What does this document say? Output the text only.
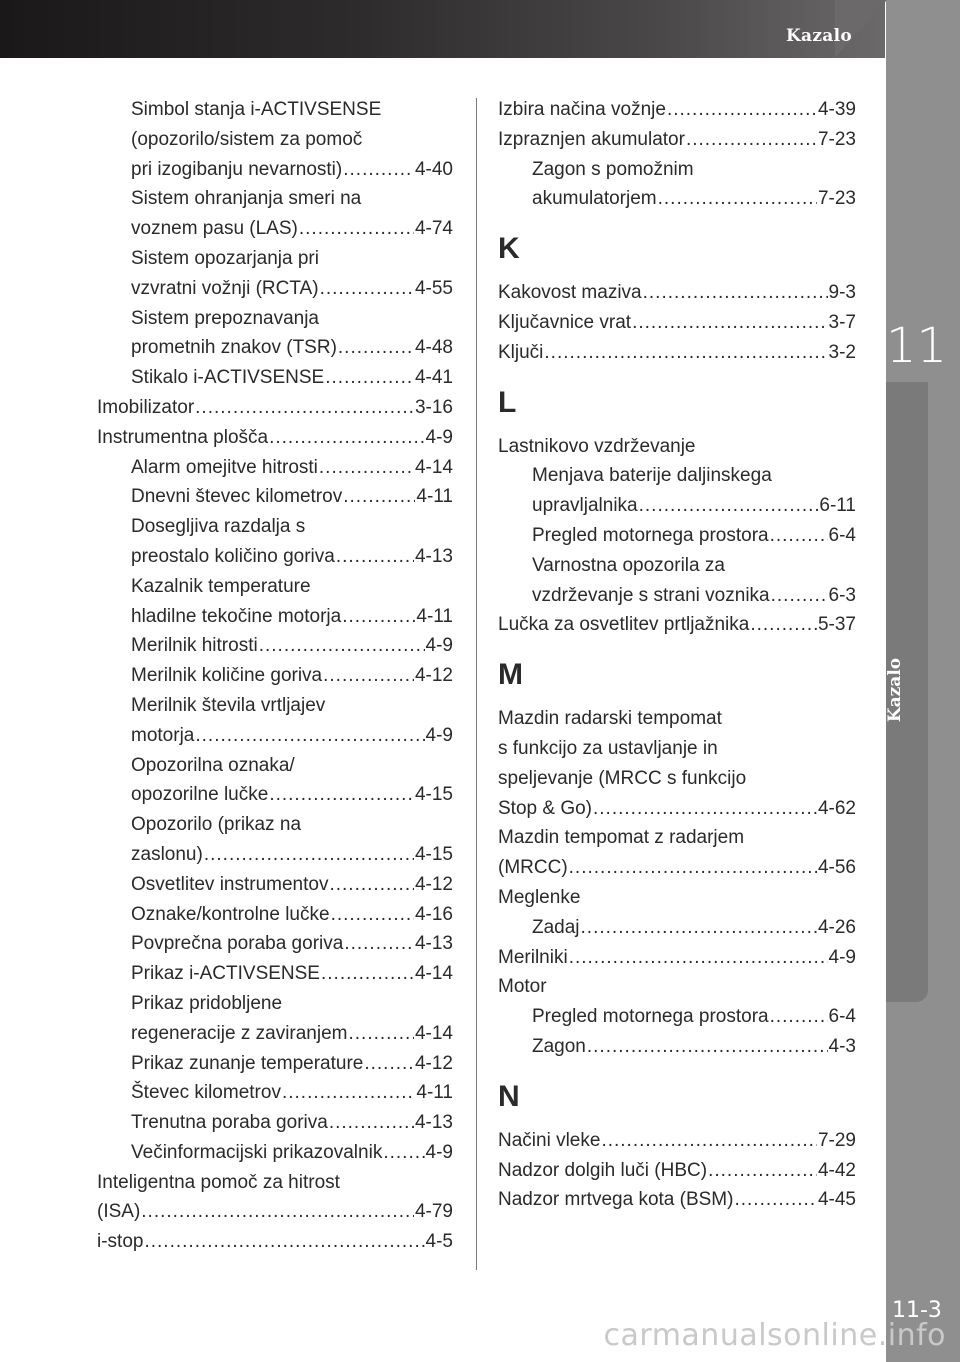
Kazalo
11
Kazalo
11-3
carmanualsonline.info
Simbol stanja i-ACTIVSENSE
(opozorilo/sistem za pomoč
pri izogibanju nevarnosti) .....	4-40
Sistem ohranjanja smeri na
voznem pasu (LAS) .....	4-74
Sistem opozarjanja pri
vzvratni vožnji (RCTA) .....	4-55
Sistem prepoznavanja
prometnih znakov (TSR) .....	4-48
Stikalo i-ACTIVSENSE .....	4-41
Imobilizator .....	3-16
Instrumentna plošča .....	4-9
Alarm omejitve hitrosti .....	4-14
Dnevni števec kilometrov .....	4-11
Dosegljiva razdalja s
preostalo količino goriva .....	4-13
Kazalnik temperature
hladilne tekočine motorja .....	4-11
Merilnik hitrosti .....	4-9
Merilnik količine goriva .....	4-12
Merilnik števila vrtljajev
motorja .....	4-9
Opozorilna oznaka/
opozorilne lučke .....	4-15
Opozorilo (prikaz na
zaslonu) .....	4-15
Osvetlitev instrumentov .....	4-12
Oznake/kontrolne lučke .....	4-16
Povprečna poraba goriva .....	4-13
Prikaz i-ACTIVSENSE .....	4-14
Prikaz pridobljene
regeneracije z zaviranjem .....	4-14
Prikaz zunanje temperature .....	4-12
Števec kilometrov .....	4-11
Trenutna poraba goriva .....	4-13
Večinformacijski prikazovalnik ..... 4-9
Inteligentna pomoč za hitrost
(ISA) .....	4-79
i-stop .....	4-5
Izbira načina vožnje .....	4-39
Izpraznjen akumulator .....	7-23
Zagon s pomožnim
akumulatorjem .....	7-23
K
Kakovost maziva .....	9-3
Ključavnice vrat .....	3-7
Ključi .....	3-2
L
Lastnikovo vzdrževanje
Menjava baterije daljinskega
upravljalnika .....	6-11
Pregled motornega prostora .....	6-4
Varnostna opozorila za
vzdrževanje s strani voznika .....	6-3
Lučka za osvetlitev prtljažnika .....	5-37
M
Mazdin radarski tempomat
s funkcijo za ustavljanje in
speljevanje (MRCC s funkcijo
Stop & Go) .....	4-62
Mazdin tempomat z radarjem
(MRCC) .....	4-56
Meglenke
Zadaj .....	4-26
Merilniki .....	4-9
Motor
Pregled motornega prostora .....	6-4
Zagon .....	4-3
N
Načini vleke .....	7-29
Nadzor dolgih luči (HBC) .....	4-42
Nadzor mrtvega kota (BSM) .....	4-45
